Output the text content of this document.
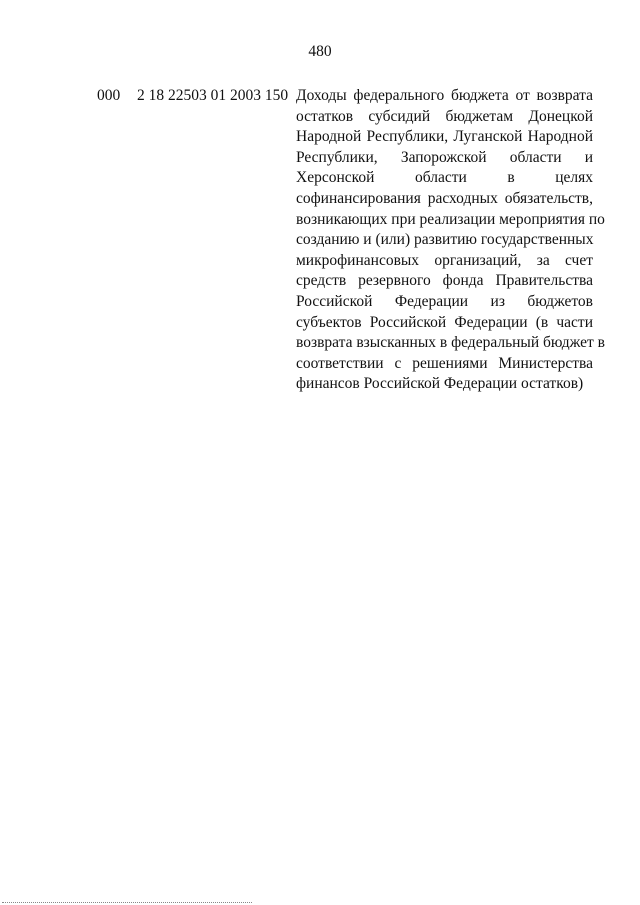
480
000 2 18 22503 01 2003 150 Доходы федерального бюджета от возврата
остатков субсидий бюджетам Донецкой
Народной Республики, Луганской Народной
Республики, Запорожской области и
Херсонской области в целях
софинансирования расходных обязательств,
возникающих при реализации мероприятия по
созданию и (или) развитию государственных
микрофинансовых организаций, за счет
средств резервного фонда Правительства
Российской Федерации из бюджетов
субъектов Российской Федерации (в части
возврата взысканных в федеральный бюджет в
соответствии с решениями Министерства
финансов Российской Федерации остатков)
